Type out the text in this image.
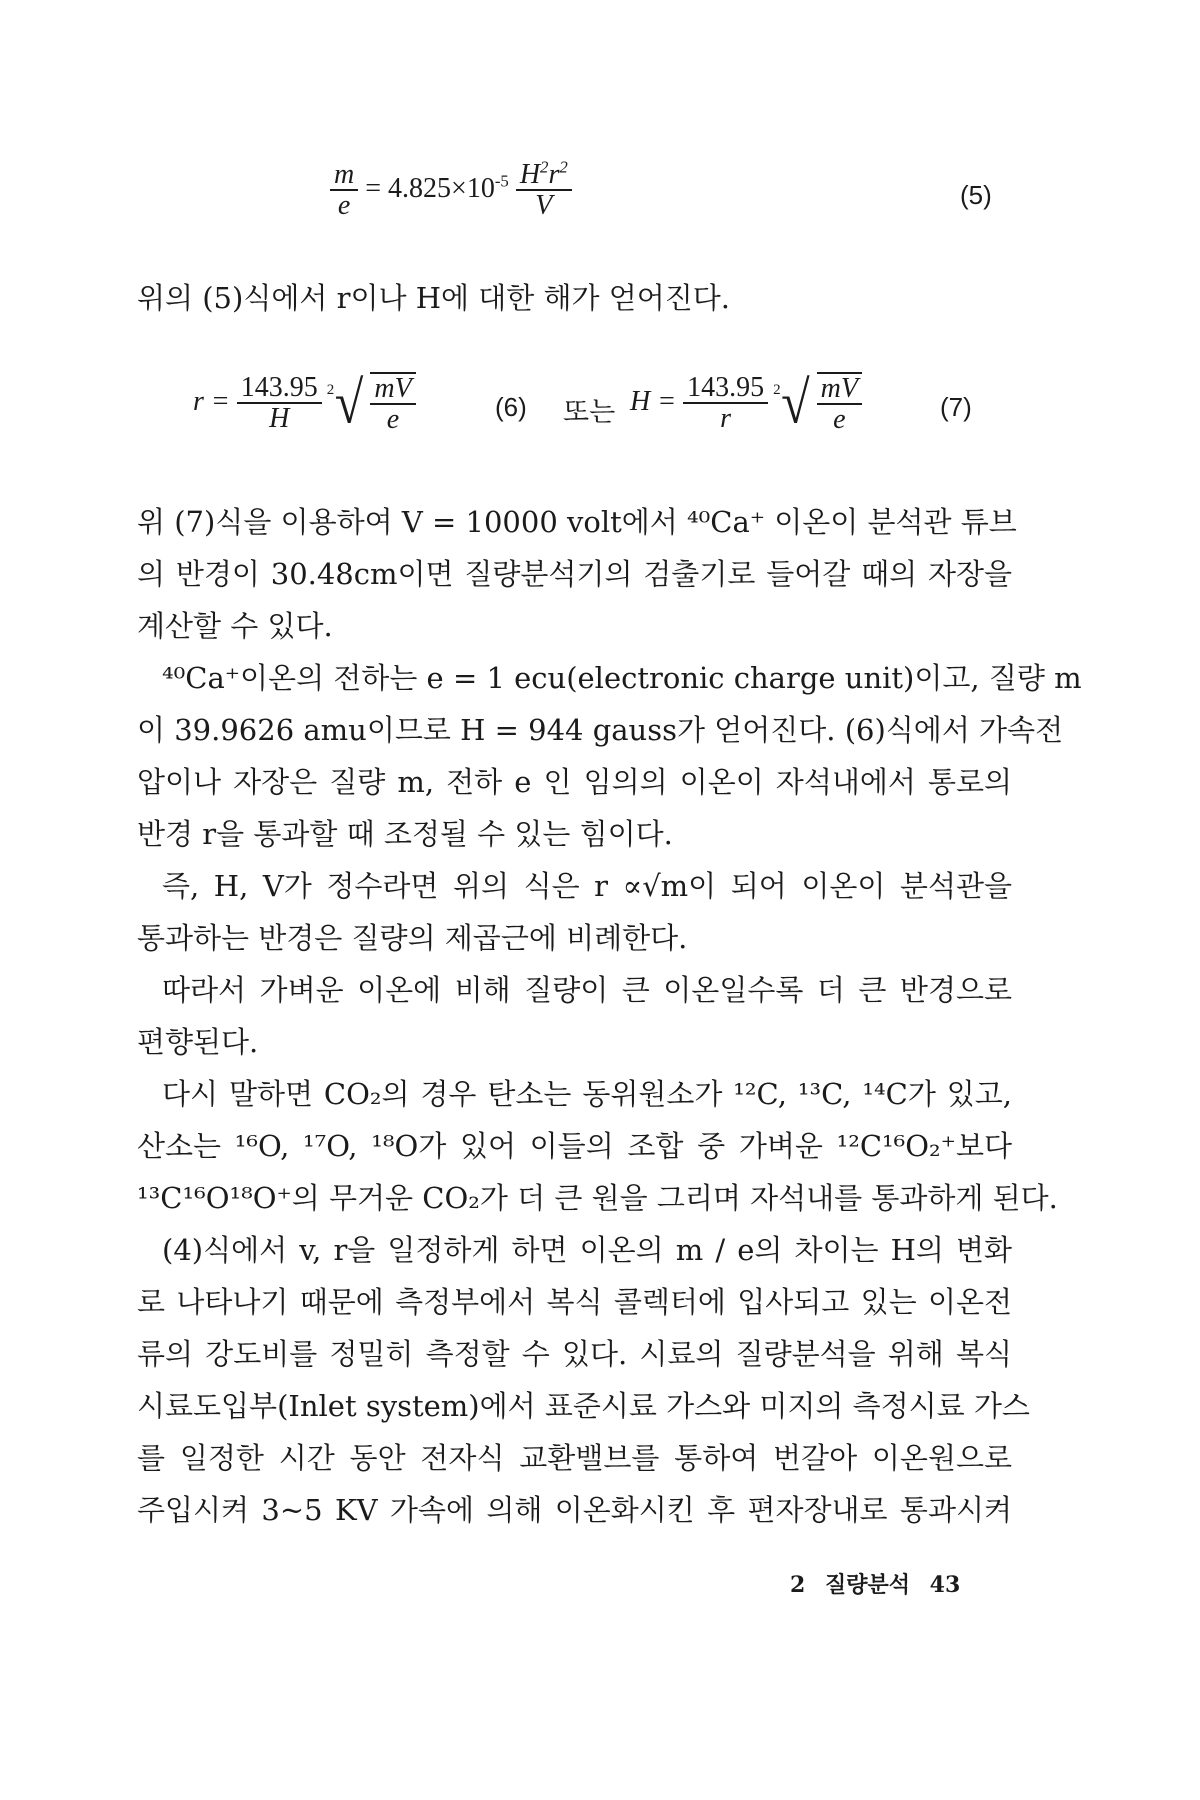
$\frac{m}{e} = 4.825\times 10^{-5} \frac{H^2r^2}{V}$	(5)
위의 (5)식에서 r이나 H에 대한 해가 얻어진다.
$r = \frac{143.95}{H}$
2 √ $\frac{mV}{e}$	(6) 또는 $H = \frac{143.95}{r}$
2 √ $\frac{mV}{e}$	(7)
위 (7)식을 이용하여 V = 10000 volt에서 ⁴⁰Ca⁺ 이온이 분석관 튜브
의 반경이 30.48cm이면 질량분석기의 검출기로 들어갈 때의 자장을
계산할 수 있다.
⁴⁰Ca⁺이온의 전하는 e = 1 ecu(electronic charge unit)이고, 질량 m
이 39.9626 amu이므로 H = 944 gauss가 얻어진다. (6)식에서 가속전
압이나 자장은 질량 m, 전하 e 인 임의의 이온이 자석내에서 통로의
반경 r을 통과할 때 조정될 수 있는 힘이다.
즉, H, V가 정수라면 위의 식은 r ∝√m이 되어 이온이 분석관을
통과하는 반경은 질량의 제곱근에 비례한다.
따라서 가벼운 이온에 비해 질량이 큰 이온일수록 더 큰 반경으로
편향된다.
다시 말하면 CO₂의 경우 탄소는 동위원소가 ¹²C, ¹³C, ¹⁴C가 있고,
산소는 ¹⁶O, ¹⁷O, ¹⁸O가 있어 이들의 조합 중 가벼운 ¹²C¹⁶O₂⁺보다
¹³C¹⁶O¹⁸O⁺의 무거운 CO₂가 더 큰 원을 그리며 자석내를 통과하게 된다.
(4)식에서 v, r을 일정하게 하면 이온의 m / e의 차이는 H의 변화
로 나타나기 때문에 측정부에서 복식 콜렉터에 입사되고 있는 이온전
류의 강도비를 정밀히 측정할 수 있다. 시료의 질량분석을 위해 복식
시료도입부(Inlet system)에서 표준시료 가스와 미지의 측정시료 가스
를 일정한 시간 동안 전자식 교환밸브를 통하여 번갈아 이온원으로
주입시켜 3~5 KV 가속에 의해 이온화시킨 후 편자장내로 통과시켜
2 질량분석 43
